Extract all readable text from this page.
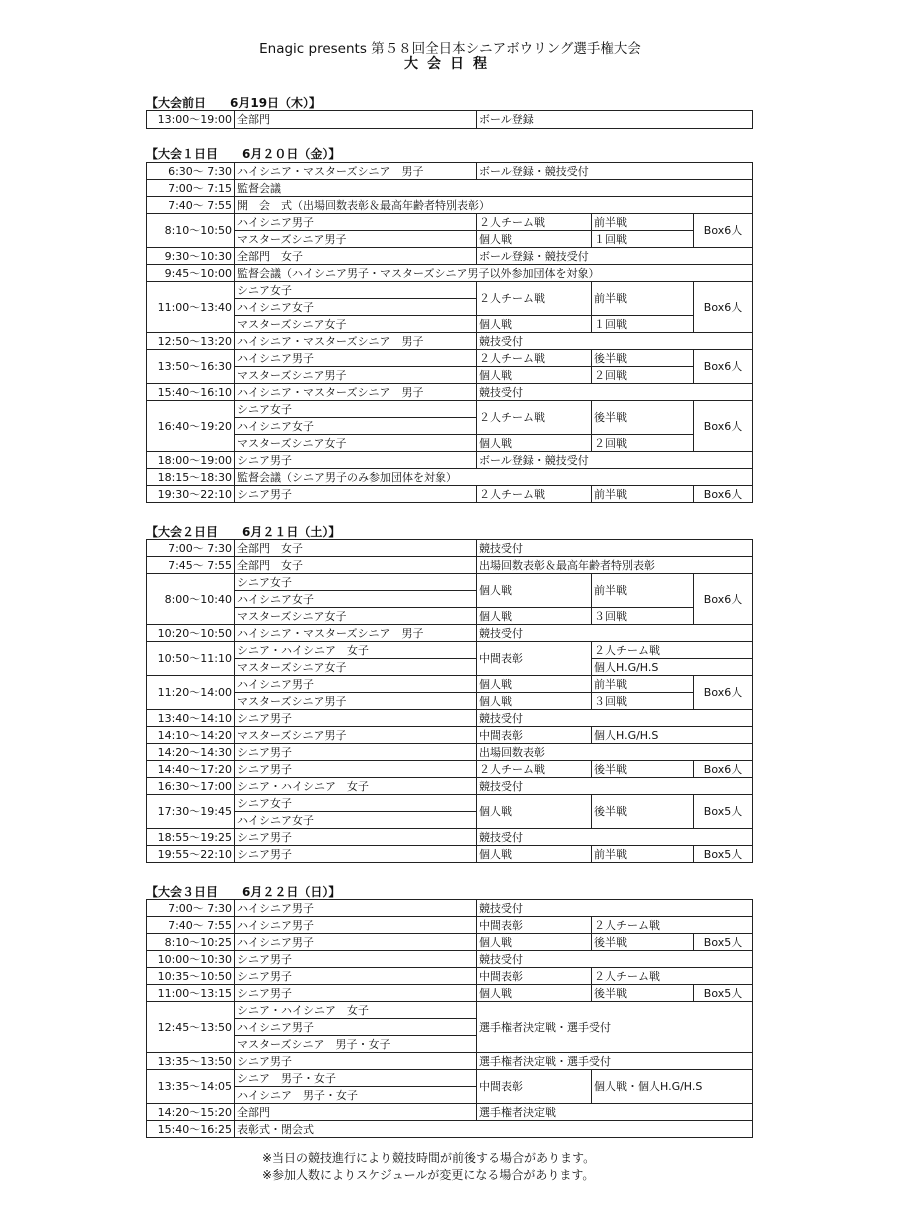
Enagic presents 第５８回全日本シニアボウリング選手権大会
大会日程
【大会前日　　6月19日（木）】
13:00～19:00	全部門	ボール登録
【大会１日目　　6月２０日（金）】
6:30～ 7:30	ハイシニア・マスターズシニア　男子	ボール登録・競技受付		
7:00～ 7:15	監督会議			
7:40～ 7:55	開　会　式（出場回数表彰＆最高年齢者特別表彰）			
8:10～10:50	ハイシニア男子	２人チーム戦	前半戦	Box6人
	マスターズシニア男子	個人戦	１回戦	
9:30～10:30	全部門　女子	ボール登録・競技受付		
9:45～10:00	監督会議（ハイシニア男子・マスターズシニア男子以外参加団体を対象）			
11:00～13:40	シニア女子	２人チーム戦	前半戦	Box6人
	ハイシニア女子			
	マスターズシニア女子	個人戦	１回戦	
12:50～13:20	ハイシニア・マスターズシニア　男子	競技受付		
13:50～16:30	ハイシニア男子	２人チーム戦	後半戦	Box6人
	マスターズシニア男子	個人戦	２回戦	
15:40～16:10	ハイシニア・マスターズシニア　男子	競技受付		
16:40～19:20	シニア女子	２人チーム戦	後半戦	Box6人
	ハイシニア女子			
	マスターズシニア女子	個人戦	２回戦	
18:00～19:00	シニア男子	ボール登録・競技受付		
18:15～18:30	監督会議（シニア男子のみ参加団体を対象）			
19:30～22:10	シニア男子	２人チーム戦	前半戦	Box6人
【大会２日目　　6月２１日（土）】
7:00～ 7:30	全部門　女子	競技受付		
7:45～ 7:55	全部門　女子	出場回数表彰＆最高年齢者特別表彰		
8:00～10:40	シニア女子	個人戦	前半戦	Box6人
	ハイシニア女子			
	マスターズシニア女子	個人戦	３回戦	
10:20～10:50	ハイシニア・マスターズシニア　男子	競技受付		
10:50～11:10	シニア・ハイシニア　女子	中間表彰	２人チーム戦	
	マスターズシニア女子		個人H.G/H.S	
11:20～14:00	ハイシニア男子	個人戦	前半戦	Box6人
	マスターズシニア男子	個人戦	３回戦	
13:40～14:10	シニア男子	競技受付		
14:10～14:20	マスターズシニア男子	中間表彰	個人H.G/H.S	
14:20～14:30	シニア男子	出場回数表彰		
14:40～17:20	シニア男子	２人チーム戦	後半戦	Box6人
16:30～17:00	シニア・ハイシニア　女子	競技受付		
17:30～19:45	シニア女子	個人戦	後半戦	Box5人
	ハイシニア女子			
18:55～19:25	シニア男子	競技受付		
19:55～22:10	シニア男子	個人戦	前半戦	Box5人
【大会３日目　　6月２２日（日）】
7:00～ 7:30	ハイシニア男子	競技受付		
7:40～ 7:55	ハイシニア男子	中間表彰	２人チーム戦	
8:10～10:25	ハイシニア男子	個人戦	後半戦	Box5人
10:00～10:30	シニア男子	競技受付		
10:35～10:50	シニア男子	中間表彰	２人チーム戦	
11:00～13:15	シニア男子	個人戦	後半戦	Box5人
12:45～13:50	シニア・ハイシニア　女子	選手権者決定戦・選手受付		
	ハイシニア男子			
	マスターズシニア　男子・女子			
13:35～13:50	シニア男子	選手権者決定戦・選手受付		
13:35～14:05	シニア　男子・女子	中間表彰	個人戦・個人H.G/H.S	
	ハイシニア　男子・女子			
14:20～15:20	全部門	選手権者決定戦		
15:40～16:25	表彰式・閉会式			
※当日の競技進行により競技時間が前後する場合があります。
※参加人数によりスケジュールが変更になる場合があります。
